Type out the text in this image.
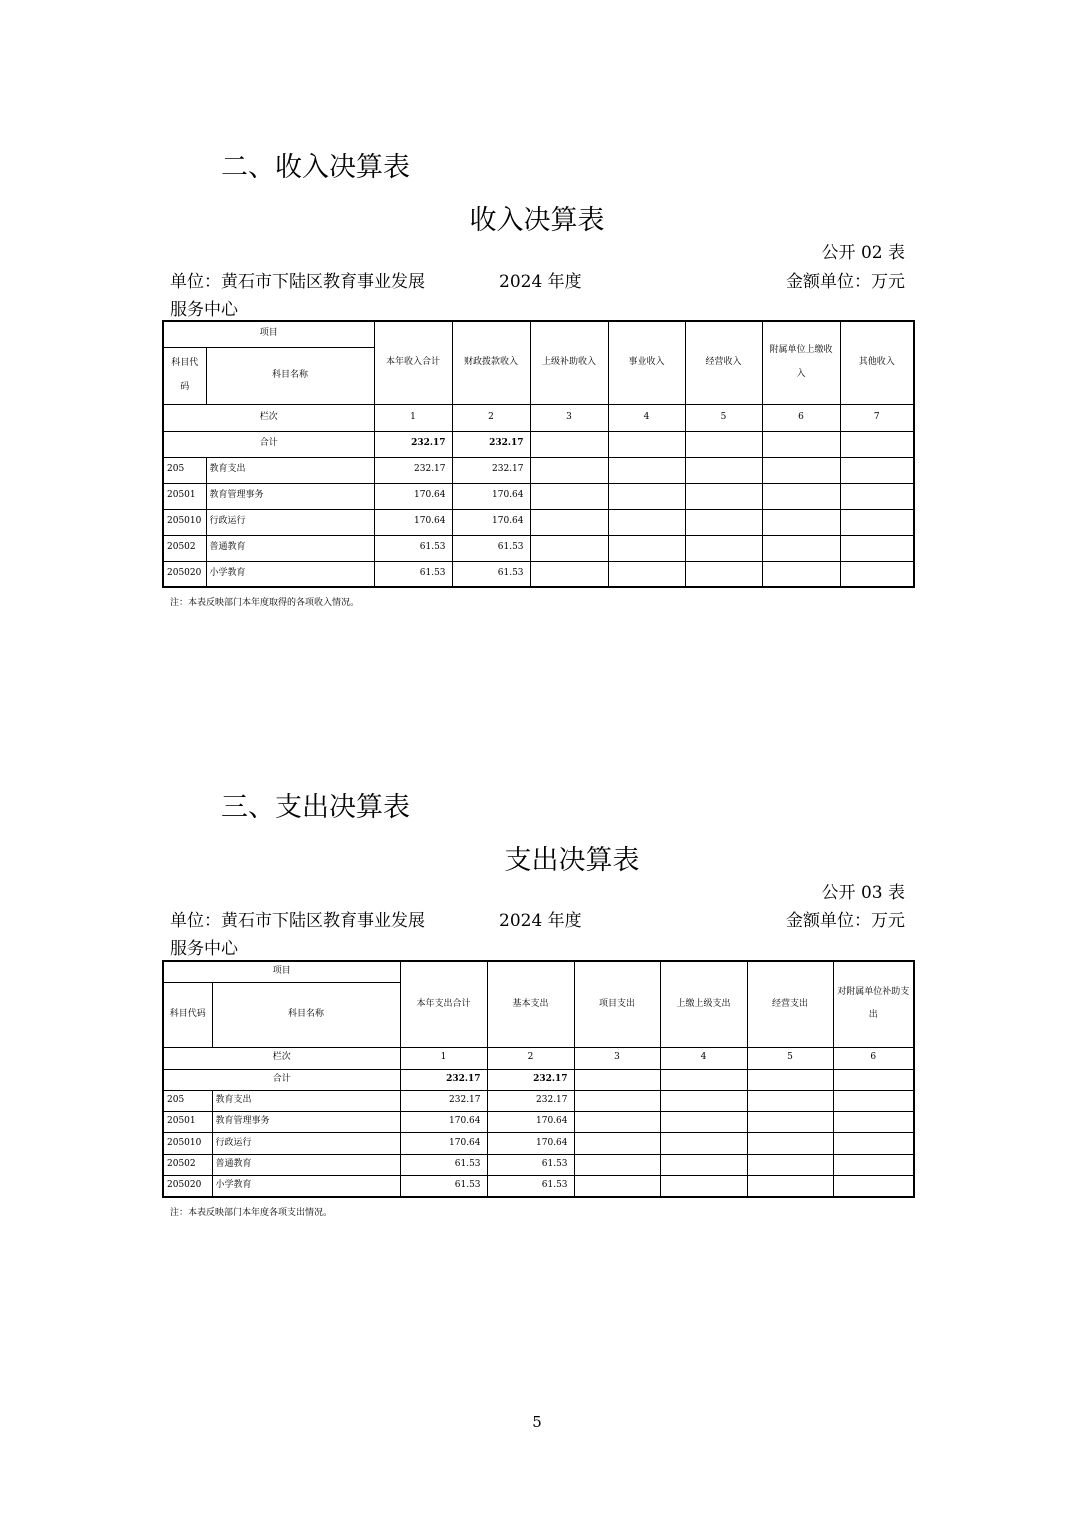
二、收入决算表
收入决算表
公开 02 表
单位：黄石市下陆区教育事业发展	2024 年度	金额单位：万元
服务中心
项目		本年收入合计	财政拨款收入	上级补助收入	事业收入	经营收入	附属单位上缴收入	其他收入
科目代码	科目名称							
栏次		1	2	3	4	5	6	7
合计		232.17	232.17					
205	教育支出	232.17	232.17					
20501	教育管理事务	170.64	170.64					
205010	行政运行	170.64	170.64					
20502	普通教育	61.53	61.53					
205020	小学教育	61.53	61.53					
注：本表反映部门本年度取得的各项收入情况。
三、支出决算表
支出决算表
公开 03 表
单位：黄石市下陆区教育事业发展	2024 年度	金额单位：万元
服务中心
项目		本年支出合计	基本支出	项目支出	上缴上级支出	经营支出	对附属单位补助支出
科目代码	科目名称						
栏次		1	2	3	4	5	6
合计		232.17	232.17				
205	教育支出	232.17	232.17				
20501	教育管理事务	170.64	170.64				
205010	行政运行	170.64	170.64				
20502	普通教育	61.53	61.53				
205020	小学教育	61.53	61.53				
注：本表反映部门本年度各项支出情况。
5
